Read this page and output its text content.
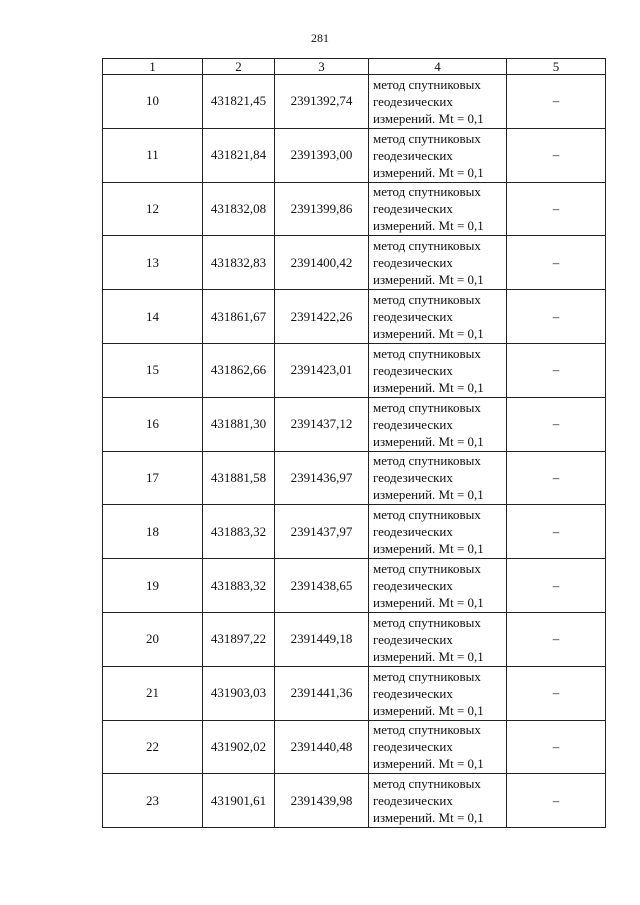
281
1	2	3	4	5
10	431821,45	2391392,74	метод спутниковых
геодезических
измерений. Mt = 0,1	–
11	431821,84	2391393,00	метод спутниковых
геодезических
измерений. Mt = 0,1	–
12	431832,08	2391399,86	метод спутниковых
геодезических
измерений. Mt = 0,1	–
13	431832,83	2391400,42	метод спутниковых
геодезических
измерений. Mt = 0,1	–
14	431861,67	2391422,26	метод спутниковых
геодезических
измерений. Mt = 0,1	–
15	431862,66	2391423,01	метод спутниковых
геодезических
измерений. Mt = 0,1	–
16	431881,30	2391437,12	метод спутниковых
геодезических
измерений. Mt = 0,1	–
17	431881,58	2391436,97	метод спутниковых
геодезических
измерений. Mt = 0,1	–
18	431883,32	2391437,97	метод спутниковых
геодезических
измерений. Mt = 0,1	–
19	431883,32	2391438,65	метод спутниковых
геодезических
измерений. Mt = 0,1	–
20	431897,22	2391449,18	метод спутниковых
геодезических
измерений. Mt = 0,1	–
21	431903,03	2391441,36	метод спутниковых
геодезических
измерений. Mt = 0,1	–
22	431902,02	2391440,48	метод спутниковых
геодезических
измерений. Mt = 0,1	–
23	431901,61	2391439,98	метод спутниковых
геодезических
измерений. Mt = 0,1	–
